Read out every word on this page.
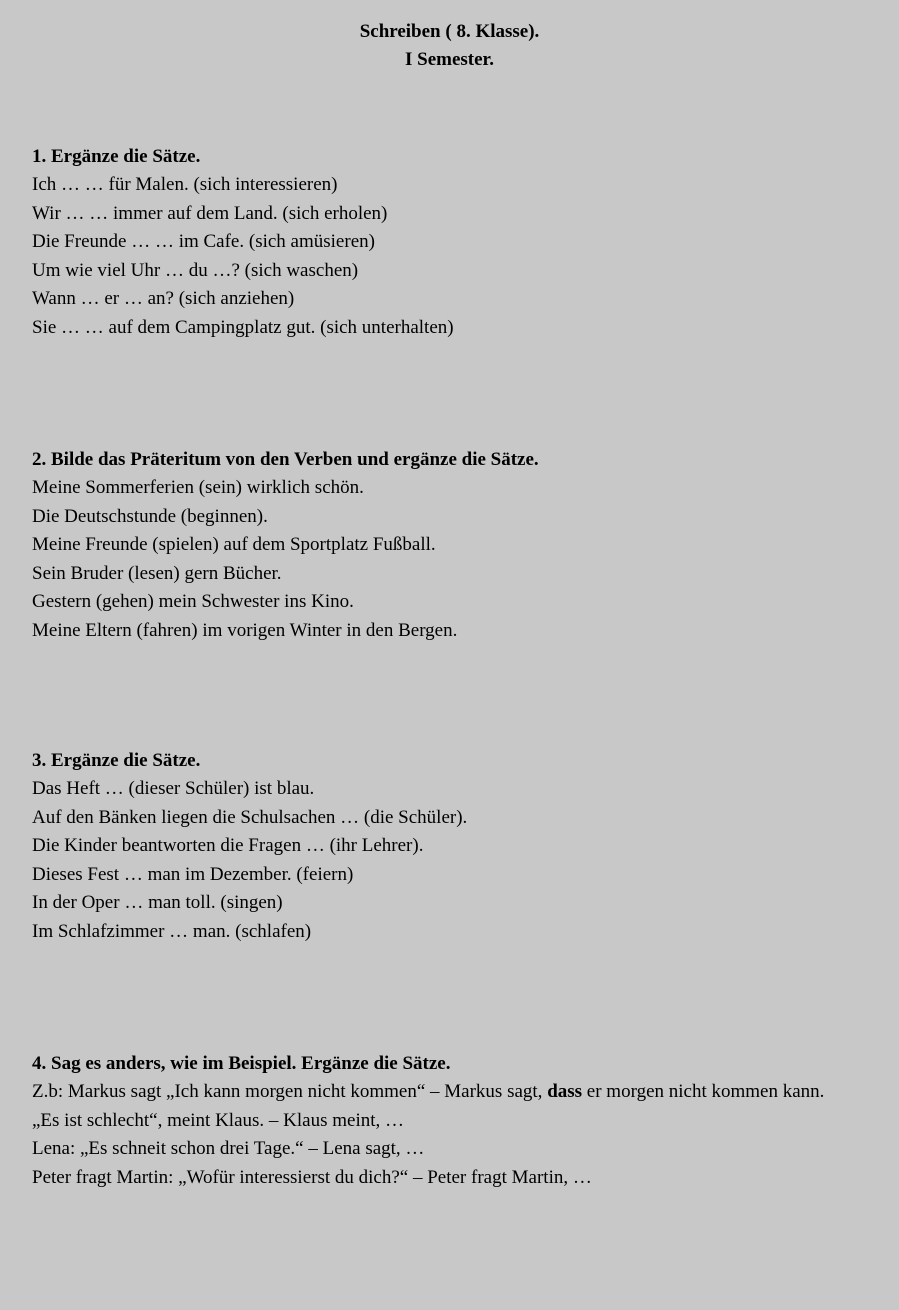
Schreiben ( 8. Klasse).
I Semester.
1. Ergänze die Sätze.
Ich … … für Malen. (sich interessieren)
Wir … … immer auf dem Land. (sich erholen)
Die Freunde … … im Cafe. (sich amüsieren)
Um wie viel Uhr … du …? (sich waschen)
Wann … er … an? (sich anziehen)
Sie … … auf dem Campingplatz gut. (sich unterhalten)
2. Bilde das Präteritum von den Verben und ergänze die Sätze.
Meine Sommerferien (sein) wirklich schön.
Die Deutschstunde (beginnen).
Meine Freunde (spielen) auf dem Sportplatz Fußball.
Sein Bruder (lesen) gern Bücher.
Gestern (gehen) mein Schwester ins Kino.
Meine Eltern (fahren) im vorigen Winter in den Bergen.
3. Ergänze die Sätze.
Das Heft … (dieser Schüler) ist blau.
Auf den Bänken liegen die Schulsachen … (die Schüler).
Die Kinder beantworten die Fragen … (ihr Lehrer).
Dieses Fest … man im Dezember. (feiern)
In der Oper … man toll. (singen)
Im Schlafzimmer … man. (schlafen)
4. Sag es anders, wie im Beispiel. Ergänze die Sätze.
Z.b: Markus sagt „Ich kann morgen nicht kommen“ – Markus sagt, dass er morgen nicht kommen kann.
„Es ist schlecht“, meint Klaus. – Klaus meint, …
Lena: „Es schneit schon drei Tage.“ – Lena sagt, …
Peter fragt Martin: „Wofür interessierst du dich?“ – Peter fragt Martin, …
